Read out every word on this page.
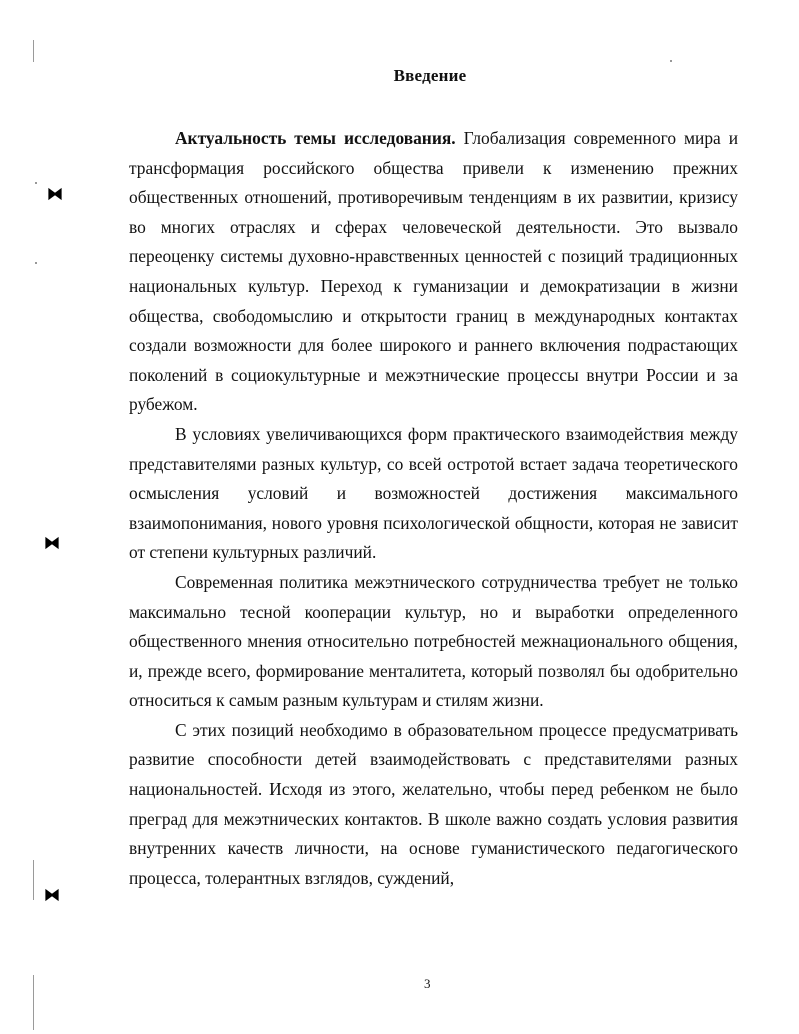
⧓
⧓
⧓
Введение

Актуальность темы исследования. Глобализация современного мира и трансформация российского общества привели к изменению прежних общественных отношений, противоречивым тенденциям в их развитии, кризису во многих отраслях и сферах человеческой деятельности. Это вызвало переоценку системы духовно-нравственных ценностей с позиций традиционных национальных культур. Переход к гуманизации и демократизации в жизни общества, свободомыслию и открытости границ в международных контактах создали возможности для более широкого и раннего включения подрастающих поколений в социокультурные и межэтнические процессы внутри России и за рубежом.

В условиях увеличивающихся форм практического взаимодействия между представителями разных культур, со всей остротой встает задача теоретического осмысления условий и возможностей достижения максимального взаимопонимания, нового уровня психологической общности, которая не зависит от степени культурных различий.

Современная политика межэтнического сотрудничества требует не только максимально тесной кооперации культур, но и выработки определенного общественного мнения относительно потребностей межнационального общения, и, прежде всего, формирование менталитета, который позволял бы одобрительно относиться к самым разным культурам и стилям жизни.

С этих позиций необходимо в образовательном процессе предусматривать развитие способности детей взаимодействовать с представителями разных национальностей. Исходя из этого, желательно, чтобы перед ребенком не было преград для межэтнических контактов. В школе важно создать условия развития внутренних качеств личности, на основе гуманистического педагогического процесса, толерантных взглядов, суждений,

3
